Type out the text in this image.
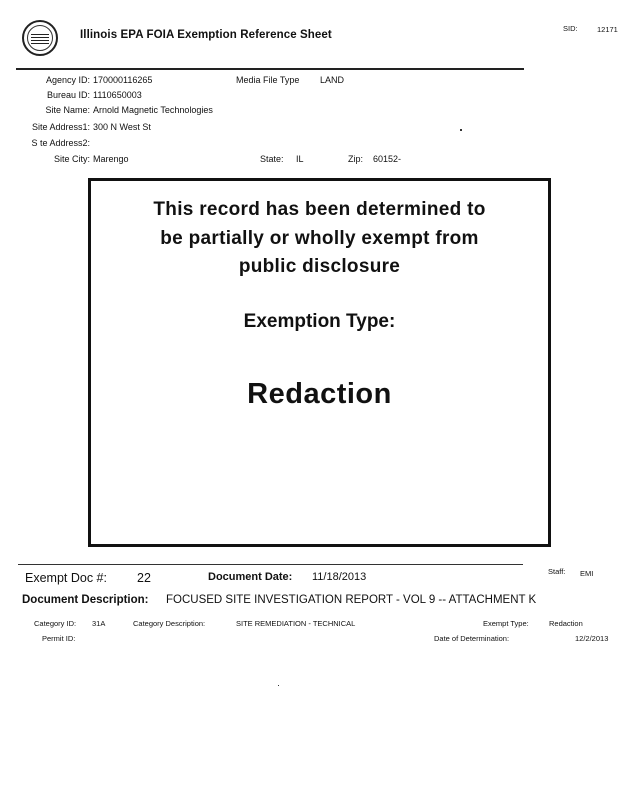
Illinois EPA FOIA Exemption Reference Sheet
SID:	12171
Agency ID: 170000116265	Media File Type LAND
Bureau ID: 1110650003
Site Name: Arnold Magnetic Technologies
Site Address1: 300 N West St
S te Address2:
Site City: Marengo	State: IL	Zip: 60152-
This record has been determined to
be partially or wholly exempt from
public disclosure
Exemption Type:
Redaction
Exempt Doc #: 22	Document Date: 11/18/2013	Staff: EMI
Document Description: FOCUSED SITE INVESTIGATION REPORT - VOL 9 -- ATTACHMENT K
Category ID: 31A	Category Description:	SITE REMEDIATION - TECHNICAL	Exempt Type:	Redaction
Permit ID:	Date of Determination:	12/2/2013
